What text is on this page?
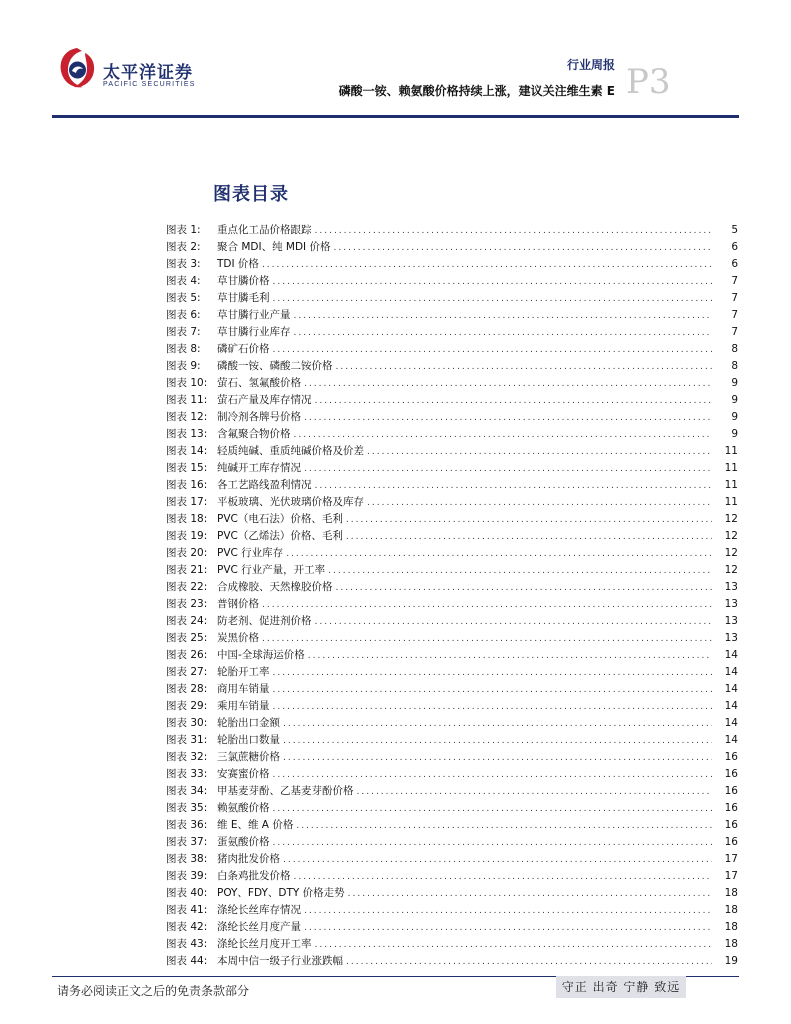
太平洋证券
PACIFIC SECURITIES
行业周报
磷酸一铵、赖氨酸价格持续上涨，建议关注维生素 E P3
图表目录
图表 1:	重点化工品价格跟踪 .....	5
图表 2:	聚合 MDI、纯 MDI 价格 .....	6
图表 3:	TDI 价格 .....	6
图表 4:	草甘膦价格 .....	7
图表 5:	草甘膦毛利 .....	7
图表 6:	草甘膦行业产量 .....	7
图表 7:	草甘膦行业库存 .....	7
图表 8:	磷矿石价格 .....	8
图表 9:	磷酸一铵、磷酸二铵价格 .....	8
图表 10: 萤石、氢氟酸价格 .....	9
图表 11: 萤石产量及库存情况 .....	9
图表 12: 制冷剂各牌号价格 .....	9
图表 13: 含氟聚合物价格 .....	9
图表 14: 轻质纯碱、重质纯碱价格及价差 .....	11
图表 15: 纯碱开工库存情况 .....	11
图表 16: 各工艺路线盈利情况 .....	11
图表 17: 平板玻璃、光伏玻璃价格及库存 .....	11
图表 18: PVC（电石法）价格、毛利 .....	12
图表 19: PVC（乙烯法）价格、毛利 .....	12
图表 20: PVC 行业库存 .....	12
图表 21: PVC 行业产量，开工率 .....	12
图表 22: 合成橡胶、天然橡胶价格 .....	13
图表 23: 普钢价格 .....	13
图表 24: 防老剂、促进剂价格 .....	13
图表 25: 炭黑价格 .....	13
图表 26: 中国-全球海运价格 .....	14
图表 27: 轮胎开工率 .....	14
图表 28: 商用车销量 .....	14
图表 29: 乘用车销量 .....	14
图表 30: 轮胎出口金额 .....	14
图表 31: 轮胎出口数量 .....	14
图表 32: 三氯蔗糖价格 .....	16
图表 33: 安赛蜜价格 .....	16
图表 34: 甲基麦芽酚、乙基麦芽酚价格 .....	16
图表 35: 赖氨酸价格 .....	16
图表 36: 维 E、维 A 价格 .....	16
图表 37: 蛋氨酸价格 .....	16
图表 38: 猪肉批发价格 .....	17
图表 39: 白条鸡批发价格 .....	17
图表 40: POY、FDY、DTY 价格走势 .....	18
图表 41: 涤纶长丝库存情况 .....	18
图表 42: 涤纶长丝月度产量 .....	18
图表 43: 涤纶长丝月度开工率 .....	18
图表 44: 本周中信一级子行业涨跌幅 .....	19
请务必阅读正文之后的免责条款部分	守正 出奇 宁静 致远
